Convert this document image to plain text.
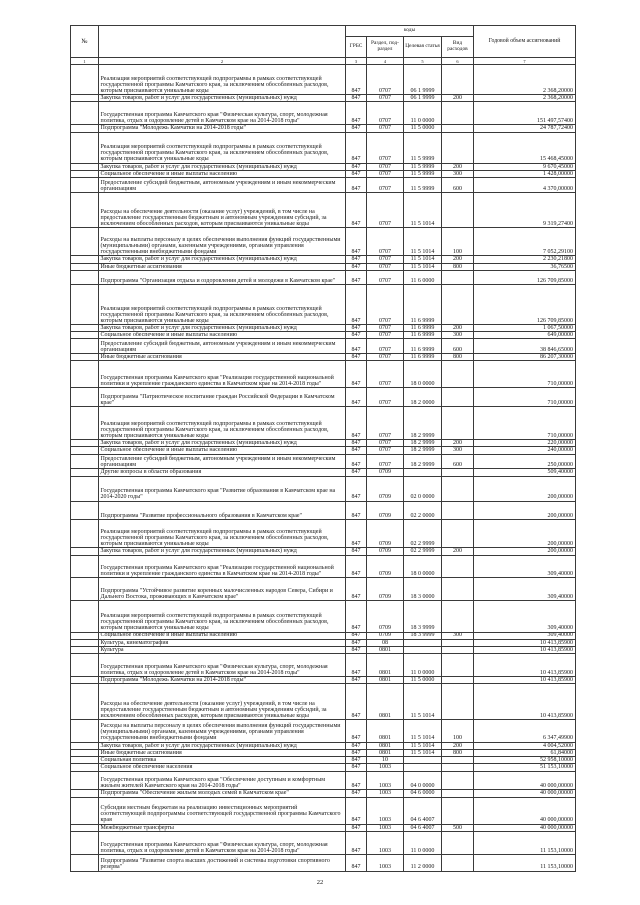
№
коды
ГРБС	Раздел, под-раздел	Целевая статья	Вид расходов
Годовой объем ассигнований
1	2	3	4	5	6	7
Реализация мероприятий соответствующей подпрограммы в рамках соответствующей государственной программы Камчатского края, за исключением обособленных расходов, которым присваиваются уникальные коды	847	0707	06 1 9999	2 368,20000
Закупка товаров, работ и услуг для государственных (муниципальных) нужд	847	0707	06 1 9999	200	2 368,20000
Государственная программа Камчатского края "Физическая культура, спорт, молодежная политика, отдых и оздоровление детей в Камчатском крае на 2014-2018 годы"	847	0707	11 0 0000	151 497,57400
Подпрограмма "Молодежь Камчатки на 2014-2018 годы"	847	0707	11 5 0000	24 787,72400
Реализация мероприятий соответствующей подпрограммы в рамках соответствующей государственной программы Камчатского края, за исключением обособленных расходов, которым присваиваются уникальные коды	847	0707	11 5 9999	15 468,45000
Закупка товаров, работ и услуг для государственных (муниципальных) нужд	847	0707	11 5 9999	200	9 670,45000
Социальное обеспечение и иные выплаты населению	847	0707	11 5 9999	300	1 428,00000
Предоставление субсидий бюджетным, автономным учреждениям и иным некоммерческим организациям	847	0707	11 5 9999	600	4 370,00000
Расходы на обеспечение деятельности (оказание услуг) учреждений, в том числе на предоставление государственным бюджетным и автономным учреждениям субсидий, за исключением обособленных расходов, которым присваиваются уникальные коды	847	0707	11 5 1014	9 319,27400
Расходы на выплаты персоналу в целях обеспечения выполнения функций государственными (муниципальными) органами, казенными учреждениями, органами управления государственными внебюджетными фондами	847	0707	11 5 1014	100	7 052,29100
Закупка товаров, работ и услуг для государственных (муниципальных) нужд	847	0707	11 5 1014	200	2 230,21800
Иные бюджетные ассигнования	847	0707	11 5 1014	800	36,76500
Подпрограмма "Организация отдыха и оздоровления детей и молодежи в Камчатском крае"	847	0707	11 6 0000	126 709,85000
Реализация мероприятий соответствующей подпрограммы в рамках соответствующей государственной программы Камчатского края, за исключением обособленных расходов, которым присваиваются уникальные коды	847	0707	11 6 9999	126 709,85000
Закупка товаров, работ и услуг для государственных (муниципальных) нужд	847	0707	11 6 9999	200	1 067,50000
Социальное обеспечение и иные выплаты населению	847	0707	11 6 9999	300	649,00000
Предоставление субсидий бюджетным, автономным учреждениям и иным некоммерческим организациям	847	0707	11 6 9999	600	38 846,65000
Иные бюджетные ассигнования	847	0707	11 6 9999	800	86 207,30000
Государственная программа Камчатского края "Реализация государственной национальной политики и укрепление гражданского единства в Камчатском крае на 2014-2018 годы"	847	0707	18 0 0000	710,00000
Подпрограмма "Патриотическое воспитание граждан Российской Федерации в Камчатском крае"	847	0707	18 2 0000	710,00000
Реализация мероприятий соответствующей подпрограммы в рамках соответствующей государственной программы Камчатского края, за исключением обособленных расходов, которым присваиваются уникальные коды	847	0707	18 2 9999	710,00000
Закупка товаров, работ и услуг для государственных (муниципальных) нужд	847	0707	18 2 9999	200	220,00000
Социальное обеспечение и иные выплаты населению	847	0707	18 2 9999	300	240,00000
Предоставление субсидий бюджетным, автономным учреждениям и иным некоммерческим организациям	847	0707	18 2 9999	600	250,00000
Другие вопросы в области образования	847	0709	509,40000
Государственная программа Камчатского края "Развитие образования в Камчатском крае на 2014-2020 годы"	847	0709	02 0 0000	200,00000
Подпрограмма "Развитие профессионального образования в Камчатском крае"	847	0709	02 2 0000	200,00000
Реализация мероприятий соответствующей подпрограммы в рамках соответствующей государственной программы Камчатского края, за исключением обособленных расходов, которым присваиваются уникальные коды	847	0709	02 2 9999	200,00000
Закупка товаров, работ и услуг для государственных (муниципальных) нужд	847	0709	02 2 9999	200	200,00000
Государственная программа Камчатского края "Реализация государственной национальной политики и укрепление гражданского единства в Камчатском крае на 2014-2018 годы"	847	0709	18 0 0000	309,40000
Подпрограмма "Устойчивое развитие коренных малочисленных народов Севера, Сибири и Дальнего Востока, проживающих в Камчатском крае"	847	0709	18 3 0000	309,40000
Реализация мероприятий соответствующей подпрограммы в рамках соответствующей государственной программы Камчатского края, за исключением обособленных расходов, которым присваиваются уникальные коды	847	0709	18 3 9999	309,40000
Социальное обеспечение и иные выплаты населению	847	0709	18 3 9999	300	309,40000
Культура, кинематография	847	08	10 413,85900
Культура	847	0801	10 413,85900
Государственная программа Камчатского края "Физическая культура, спорт, молодежная политика, отдых и оздоровление детей в Камчатском крае на 2014-2018 годы"	847	0801	11 0 0000	10 413,85900
Подпрограмма "Молодежь Камчатки на 2014-2018 годы"	847	0801	11 5 0000	10 413,85900
Расходы на обеспечение деятельности (оказание услуг) учреждений, в том числе на предоставление государственным бюджетным и автономным учреждениям субсидий, за исключением обособленных расходов, которым присваиваются уникальные коды	847	0801	11 5 1014	10 413,85900
Расходы на выплаты персоналу в целях обеспечения выполнения функций государственными (муниципальными) органами, казенными учреждениями, органами управления государственными внебюджетными фондами	847	0801	11 5 1014	100	6 347,49900
Закупка товаров, работ и услуг для государственных (муниципальных) нужд	847	0801	11 5 1014	200	4 004,52000
Иные бюджетные ассигнования	847	0801	11 5 1014	800	61,84000
Социальная политика	847	10	52 958,10000
Социальное обеспечение населения	847	1003	51 153,10000
Государственная программа Камчатского края "Обеспечение доступным и комфортным жильем жителей Камчатского края на 2014-2018 годы"	847	1003	04 0 0000	40 000,00000
Подпрограмма "Обеспечение жильем молодых семей в Камчатском крае"	847	1003	04 6 0000	40 000,00000
Субсидии местным бюджетам на реализацию инвестиционных мероприятий соответствующей подпрограммы соответствующей государственной программы Камчатского края	847	1003	04 6 4007	40 000,00000
Межбюджетные трансферты	847	1003	04 6 4007	500	40 000,00000
Государственная программа Камчатского края "Физическая культура, спорт, молодежная политика, отдых и оздоровление детей в Камчатском крае на 2014-2018 годы"	847	1003	11 0 0000	11 153,10000
Подпрограмма "Развитие спорта высших достижений и системы подготовки спортивного резерва"	847	1003	11 2 0000	11 153,10000
22
